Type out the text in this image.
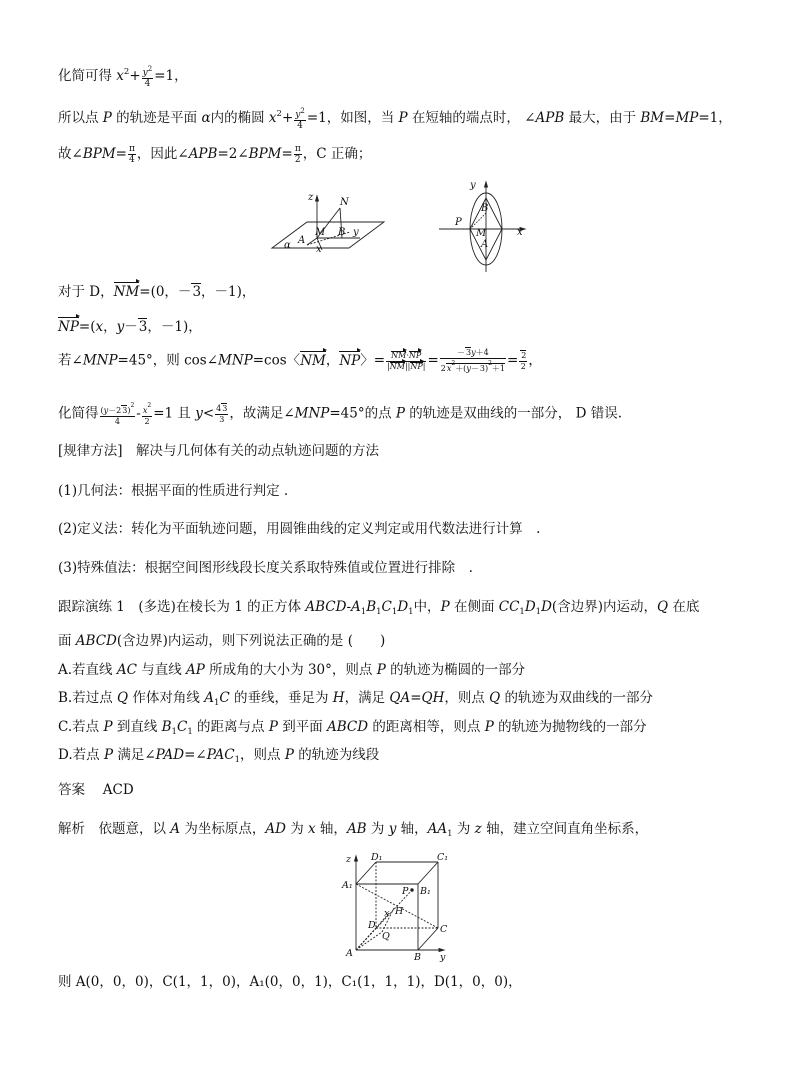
化简可得 $x^2+ \frac{y^2}{4} =1$，
所以点 P 的轨迹是平面 α内的椭圆 $x^2+ \frac{y^2}{4} =1$，如图，当 P 在短轴的端点时， ∠APB 最大，由于 BM=MP=1，
故∠BPM= $\frac{\pi}{4}$ ，因此∠APB=2∠BPM= $\frac{\pi}{2}$ ，C 正确；
z	N
M B y
A
α	x
y
B
P
M
A
x
对于 D，NM=(0，－3，－1)，
NP=(x，y－3，－1)，
若∠MNP=45°，则 cos∠MNP=cos〈NM，NP〉= $\frac{NM\cdot NP}{|NM||NP|} = \frac{-3y+4}{2x^2+(y-3)^2+1} = \frac{2}{2}$ ，
化简得 $\frac{(y-23)^2}{4} - \frac{x^2}{2} =1$ 且 $y< \frac{43}{3}$ ，故满足∠MNP=45°的点 P 的轨迹是双曲线的一部分， D 错误.
[规律方法]　解决与几何体有关的动点轨迹问题的方法
(1)几何法：根据平面的性质进行判定 .
(2)定义法：转化为平面轨迹问题，用圆锥曲线的定义判定或用代数法进行计算　.
(3)特殊值法：根据空间图形线段长度关系取特殊值或位置进行排除　.
跟踪演练 1　(多选)在棱长为 1 的正方体 ABCD-$A_1B_1C_1D_1$中，P 在侧面 $CC_1D_1D$(含边界)内运动，Q 在底
面 ABCD(含边界)内运动，则下列说法正确的是 (　　)
A.若直线 AC 与直线 AP 所成角的大小为 30°，则点 P 的轨迹为椭圆的一部分
B.若过点 Q 作体对角线 $A_1C$ 的垂线，垂足为 H，满足 QA=QH，则点 Q 的轨迹为双曲线的一部分
C.若点 P 到直线 $B_1C_1$ 的距离与点 P 到平面 ABCD 的距离相等，则点 P 的轨迹为抛物线的一部分
D.若点 P 满足$\angle PAD=\angle PAC_1$，则点 P 的轨迹为线段
答案　 ACD
解析　 依题意，以 A 为坐标原点，AD 为 x 轴，AB 为 y 轴，$AA_1$ 为 z 轴，建立空间直角坐标系，
D₁	C₁
z
A₁
P B₁
x H
D
Q
C
A	B y
则 A(0，0，0)，C(1，1，0)，A₁(0，0，1)，C₁(1，1，1)，D(1，0，0)，
